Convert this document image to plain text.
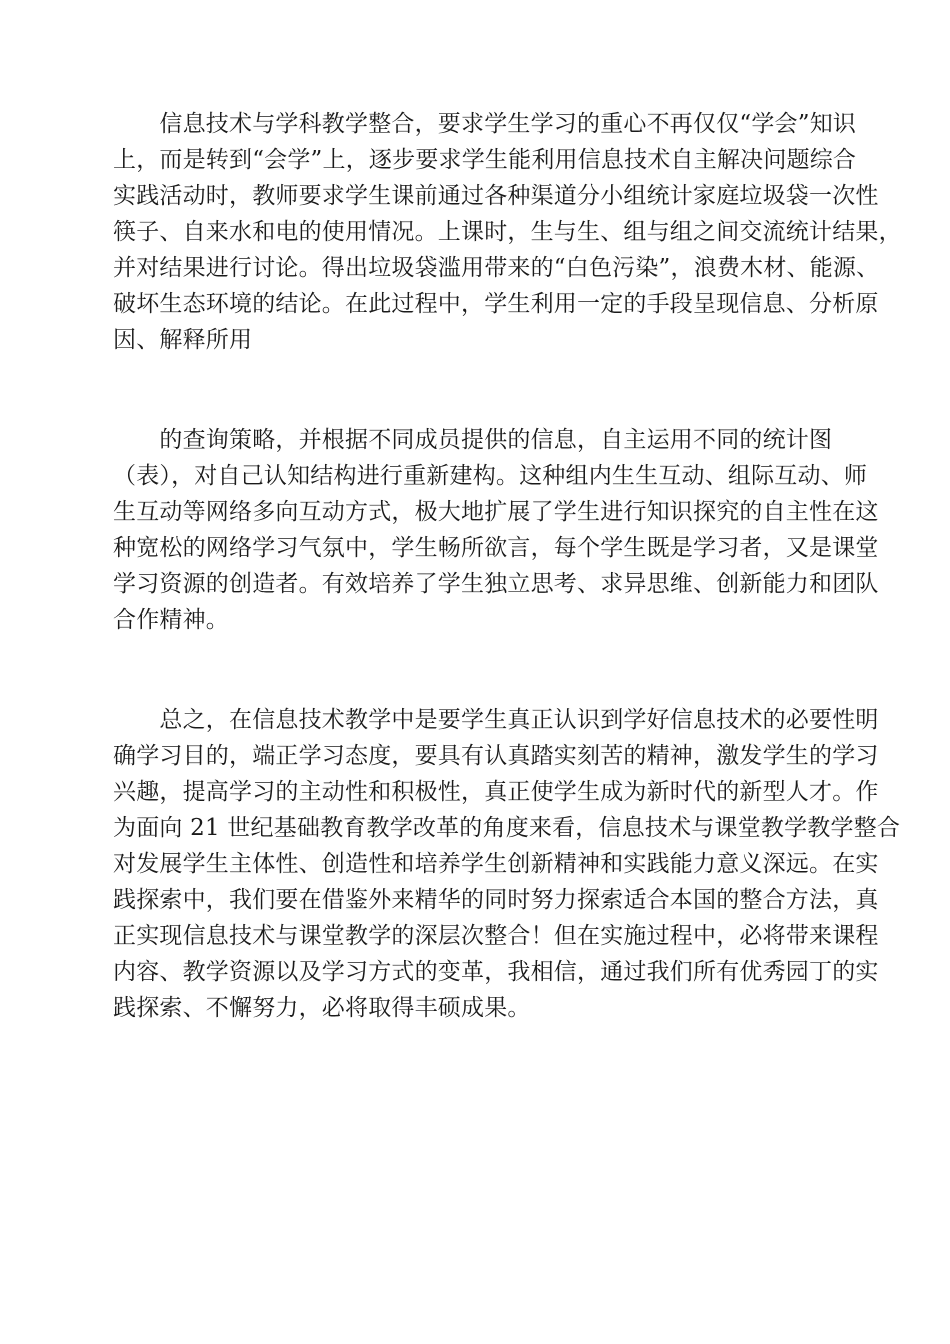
　　信息技术与学科教学整合，要求学生学习的重心不再仅仅“学会”知识
上，而是转到“会学”上，逐步要求学生能利用信息技术自主解决问题综合
实践活动时，教师要求学生课前通过各种渠道分小组统计家庭垃圾袋一次性
筷子、自来水和电的使用情况。上课时，生与生、组与组之间交流统计结果，
并对结果进行讨论。得出垃圾袋滥用带来的“白色污染”，浪费木材、能源、
破坏生态环境的结论。在此过程中，学生利用一定的手段呈现信息、分析原
因、解释所用
　　的查询策略，并根据不同成员提供的信息，自主运用不同的统计图
（表），对自己认知结构进行重新建构。这种组内生生互动、组际互动、师
生互动等网络多向互动方式，极大地扩展了学生进行知识探究的自主性在这
种宽松的网络学习气氛中，学生畅所欲言，每个学生既是学习者，又是课堂
学习资源的创造者。有效培养了学生独立思考、求异思维、创新能力和团队
合作精神。
　　总之，在信息技术教学中是要学生真正认识到学好信息技术的必要性明
确学习目的，端正学习态度，要具有认真踏实刻苦的精神，激发学生的学习
兴趣，提高学习的主动性和积极性，真正使学生成为新时代的新型人才。作
为面向 21 世纪基础教育教学改革的角度来看，信息技术与课堂教学教学整合
对发展学生主体性、创造性和培养学生创新精神和实践能力意义深远。在实
践探索中，我们要在借鉴外来精华的同时努力探索适合本国的整合方法，真
正实现信息技术与课堂教学的深层次整合！但在实施过程中，必将带来课程
内容、教学资源以及学习方式的变革，我相信，通过我们所有优秀园丁的实
践探索、不懈努力，必将取得丰硕成果。
